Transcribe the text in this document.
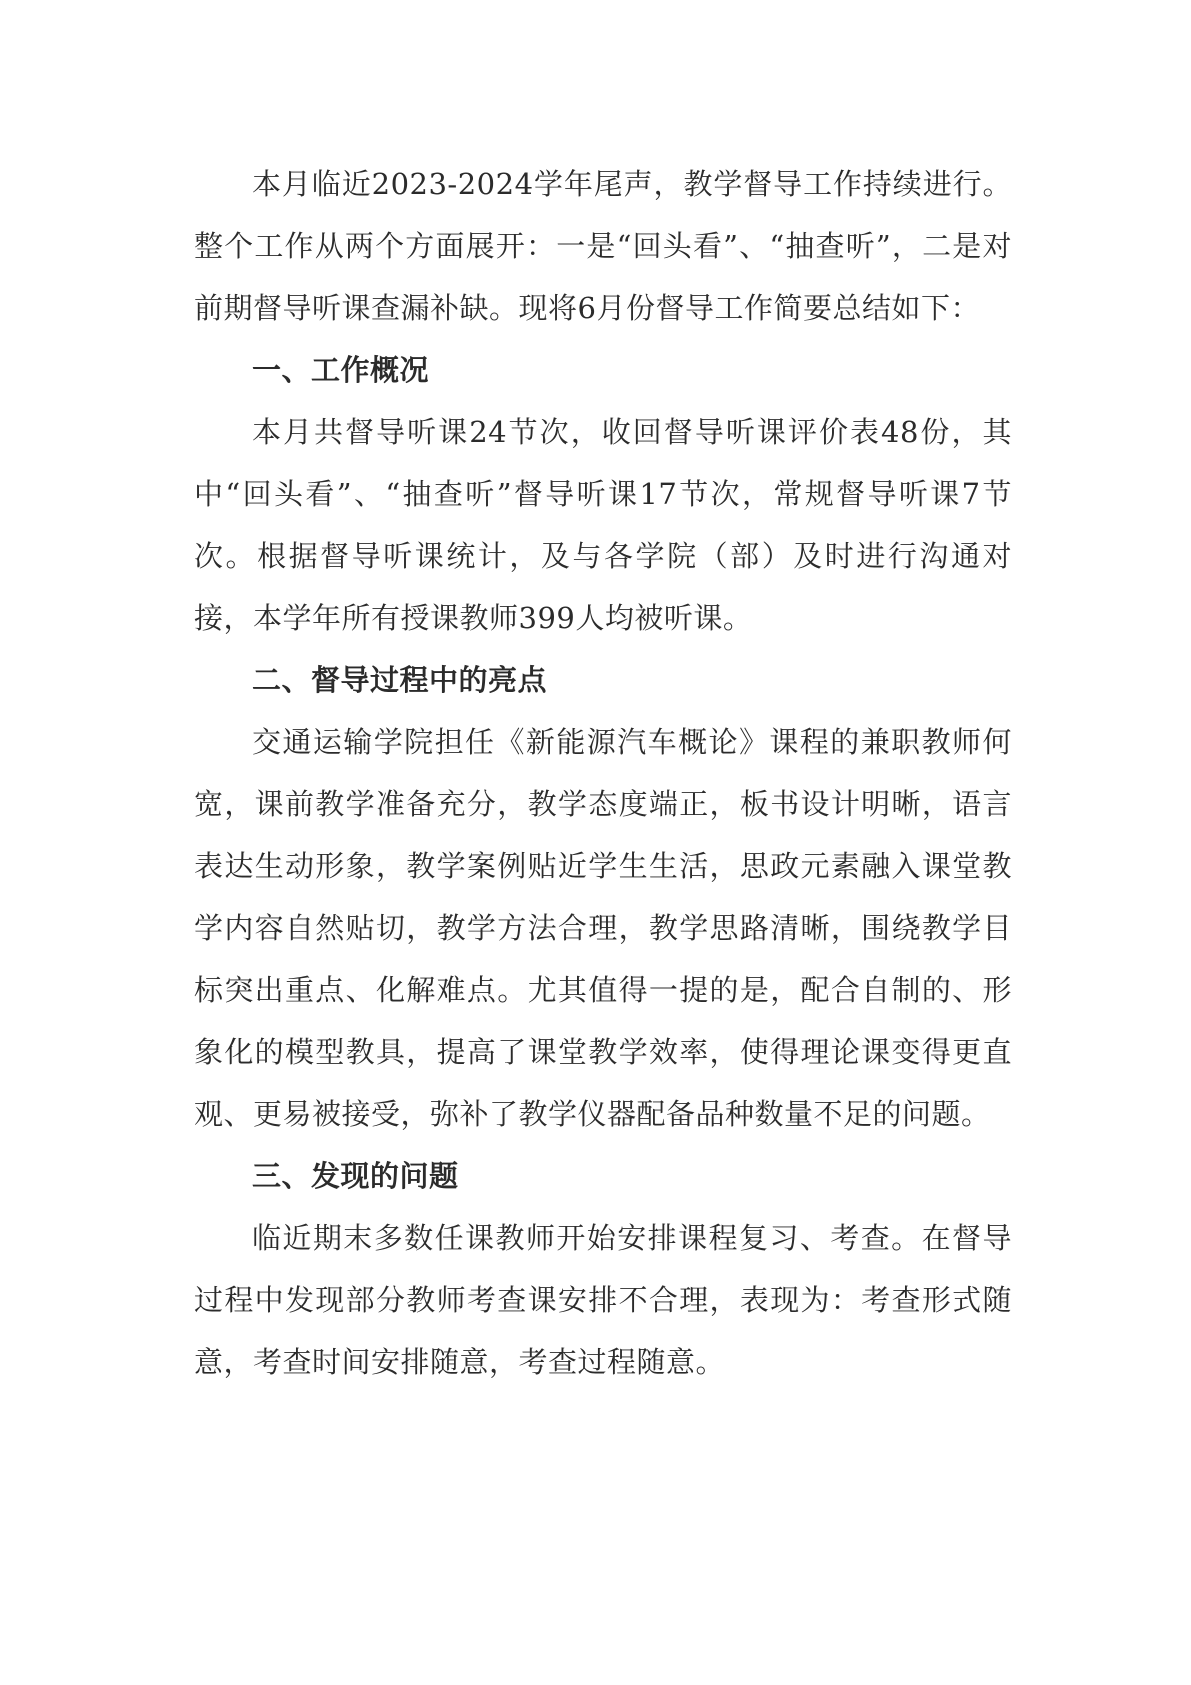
本月临近2023-2024学年尾声，教学督导工作持续进行。整个工作从两个方面展开：一是“回头看”、“抽查听”，二是对前期督导听课查漏补缺。现将6月份督导工作简要总结如下：

一、工作概况

本月共督导听课24节次，收回督导听课评价表48份，其中“回头看”、“抽查听”督导听课17节次，常规督导听课7节次。根据督导听课统计，及与各学院（部）及时进行沟通对接，本学年所有授课教师399人均被听课。

二、督导过程中的亮点

交通运输学院担任《新能源汽车概论》课程的兼职教师何宽，课前教学准备充分，教学态度端正，板书设计明晰，语言表达生动形象，教学案例贴近学生生活，思政元素融入课堂教学内容自然贴切，教学方法合理，教学思路清晰，围绕教学目标突出重点、化解难点。尤其值得一提的是，配合自制的、形象化的模型教具，提高了课堂教学效率，使得理论课变得更直观、更易被接受，弥补了教学仪器配备品种数量不足的问题。

三、发现的问题

临近期末多数任课教师开始安排课程复习、考查。在督导过程中发现部分教师考查课安排不合理，表现为：考查形式随意，考查时间安排随意，考查过程随意。
